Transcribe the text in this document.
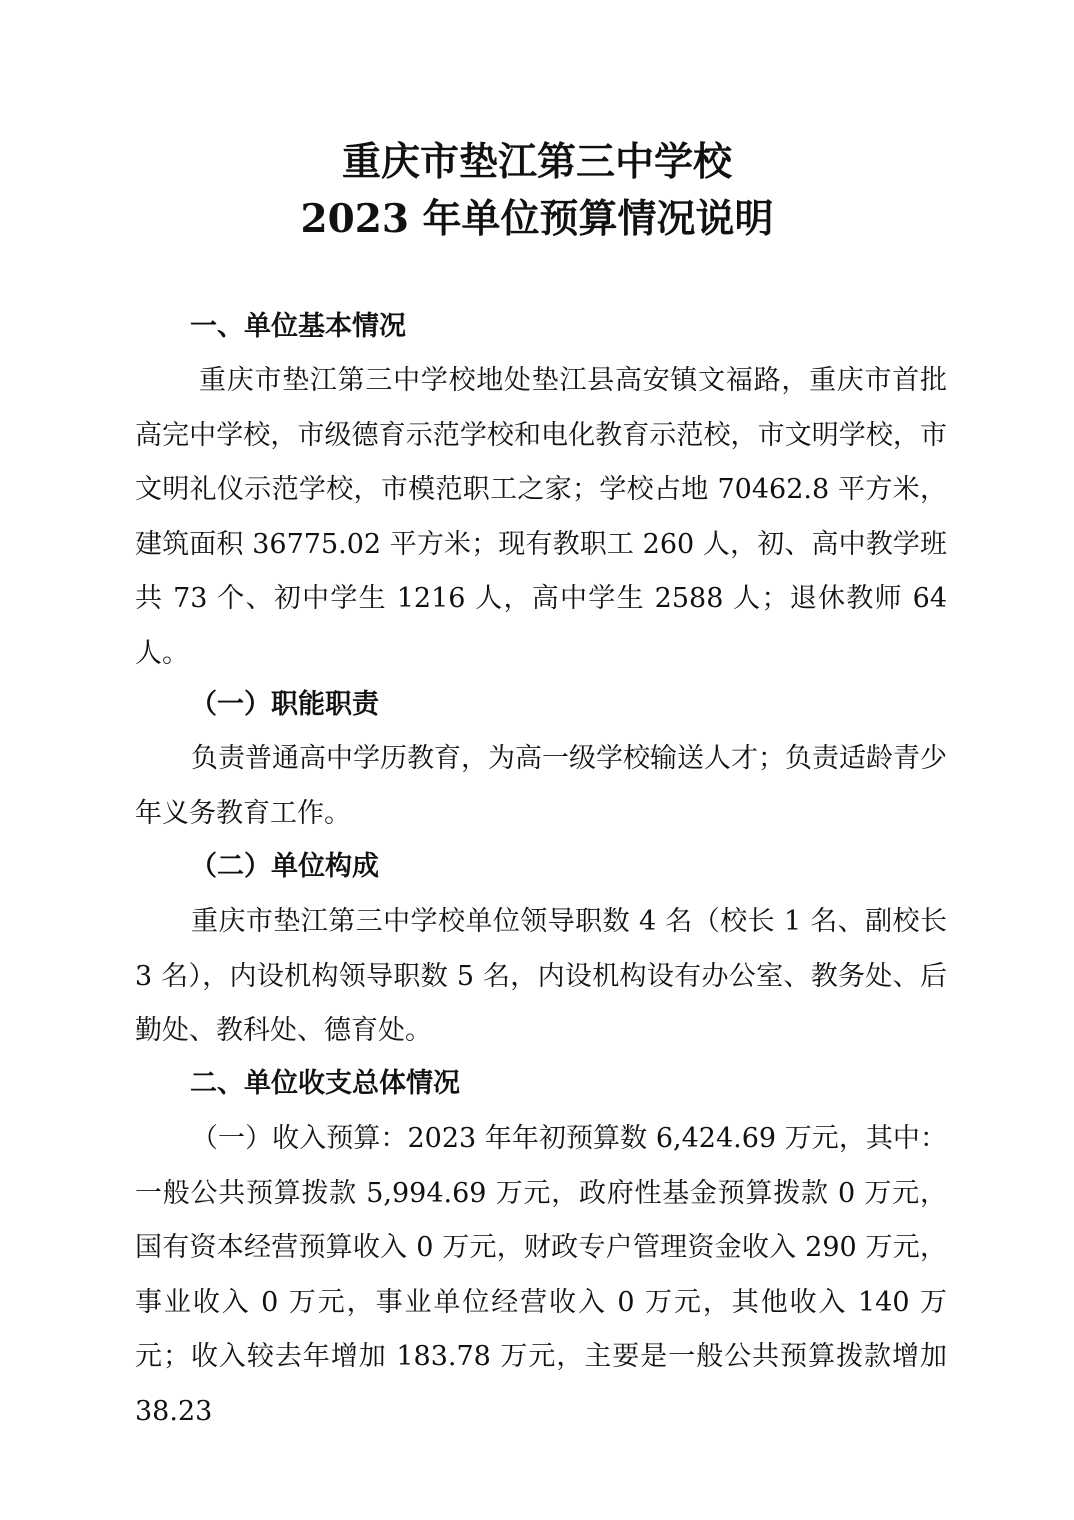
重庆市垫江第三中学校
2023 年单位预算情况说明
一、单位基本情况

重庆市垫江第三中学校地处垫江县高安镇文福路，重庆市首批高完中学校，市级德育示范学校和电化教育示范校，市文明学校，市文明礼仪示范学校，市模范职工之家；学校占地 70462.8 平方米，建筑面积 36775.02 平方米；现有教职工 260 人，初、高中教学班共 73 个、初中学生 1216 人，高中学生 2588 人；退休教师 64 人。

（一）职能职责

负责普通高中学历教育，为高一级学校输送人才；负责适龄青少年义务教育工作。

（二）单位构成

重庆市垫江第三中学校单位领导职数 4 名（校长 1 名、副校长 3 名），内设机构领导职数 5 名，内设机构设有办公室、教务处、后勤处、教科处、德育处。

二、单位收支总体情况

（一）收入预算：2023 年年初预算数 6,424.69 万元，其中：一般公共预算拨款 5,994.69 万元，政府性基金预算拨款 0 万元，国有资本经营预算收入 0 万元，财政专户管理资金收入 290 万元，事业收入 0 万元，事业单位经营收入 0 万元，其他收入 140 万元；收入较去年增加 183.78 万元，主要是一般公共预算拨款增加 38.23
